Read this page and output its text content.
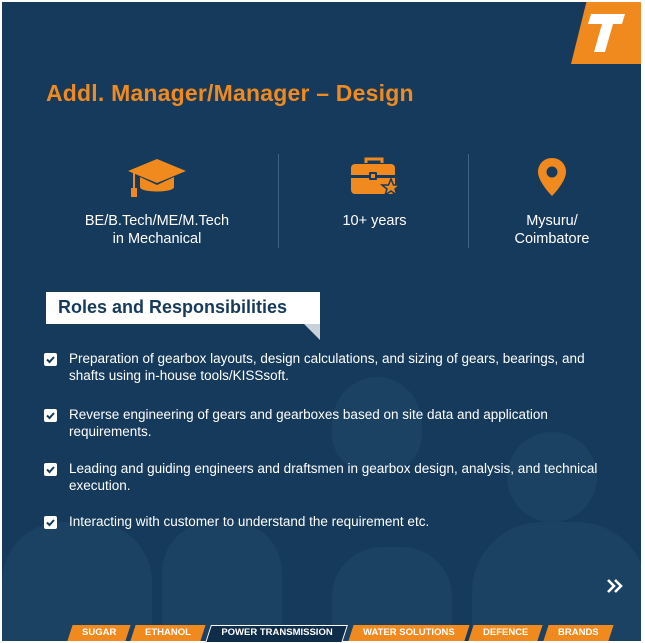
Addl. Manager/Manager – Design
BE/B.Tech/ME/M.Tech
in Mechanical
10+ years	Mysuru/
Coimbatore
Roles and Responsibilities
Preparation of gearbox layouts, design calculations, and sizing of gears, bearings, and shafts using in-house tools/KISSsoft.
Reverse engineering of gears and gearboxes based on site data and application requirements.
Leading and guiding engineers and draftsmen in gearbox design, analysis, and technical execution.
Interacting with customer to understand the requirement etc.
SUGAR	ETHANOL	POWER TRANSMISSION	WATER SOLUTIONS	DEFENCE	BRANDS
